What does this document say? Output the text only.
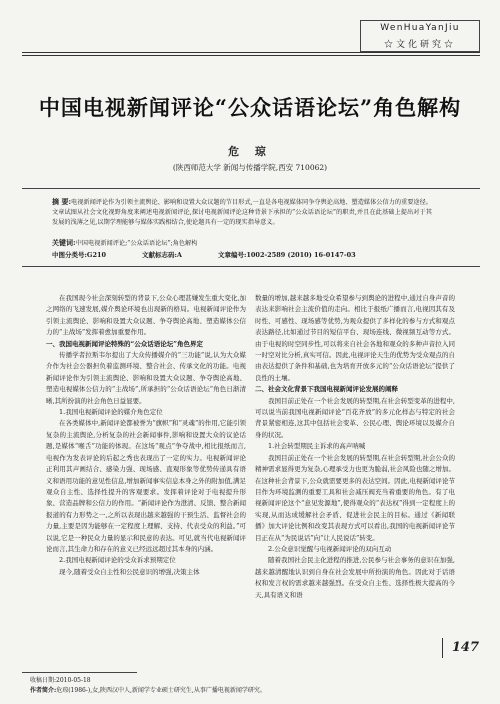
WenHuaYanJiu
☆文化研究☆
中国电视新闻评论“公众话语论坛”角色解构
危 琼
(陕西师范大学 新闻与传播学院,西安 710062)
摘 要:电视新闻评论作为引领主流舆论、影响和设置大众议题的节目形式,一直是各电视媒体同争夺舆论高地、塑造媒体公信力的重要途径。文章试图从社会文化视野角度来阐述电视新闻评论,探讨电视新闻评论这种背景下承担的“公众话语论坛”的职责,并且在此基础上提出对于其发展的浅薄之见,以期学理能够与媒体实践相结合,使论题具有一定的现实指导意义。
关键词:中国电视新闻评论;“公众话语论坛”;角色解构
中图分类号:G210	文献标志码:A	文章编号:1002-2589 (2010) 16-0147-03

在我国现今社会深刻转型的背景下,公众心理甚嫌发生重大变化,加之网络的飞速发展,媒介舆论环境也出现新的格局。电视新闻评论作为引领主流舆论、影响和设置大众议题、争夺舆论高地、塑造媒体公信力的“主战场”发挥着愈加重要作用。

一、我国电视新闻评论特殊的“公众话语论坛”角色界定

传播学者拉斯韦尔提出了大众传播媒介的“三功能”说,认为大众媒介作为社会公器担负着监测环境、整合社会、传承文化的功能。电视新闻评论作为引领主流舆论、影响和设置大众议题、争夺舆论高地、塑造电视媒体公信力的“主战场”,所承担的“公众话语论坛”角色日渐清晰,其所扮演的社会角色日益显要。

1.我国电视新闻评论的媒介角色定位

在各类媒体中,新闻评论都被誉为“旗帜”和“灵魂”的作用,它能引领复杂的主流舆论,分析复杂的社会新闻事件,影响和设置大众的议论话题,是媒体“喉舌”功能的体现。在这场“观点”争夺战中,相比报纸而言,电视作为发表评论的后起之秀也表现出了一定的实力。电视新闻评论正利用其声画结合、感染力强、现场感、直观形象等优势传递具有语义和语用功能的意见性信息,增加新闻事实信息本身之外的附加值,满足观众自主性、选择性提升的客观要求。发挥着评论对于电视提升形象、营造品牌和公信力的作用。“新闻评论作为澄清、反馈、整合新闻报道的有力形势之一,之所以表现出越来越强的干预生活、监督社会的力量,主要是因为能够在一定程度上理解、支持、代表受众的利益。”可以说,它是一种民众力量的显示和民意的表达。可见,就当代电视新闻评论而言,其生命力和存在的意义已经远远超过其本身的内涵。

2.我国电视新闻评论的受众诉求预期定位

现今,随着受众自主性和公民意识的增强,决策主体

数量的增加,越来越多地受众希望参与到舆论的进程中,通过自身声音的表达来影响社会主流价值的走向。相比于报纸广播而言,电视因其有及时性、可感性、现场感等优势,为观众提供了多样化的参与方式和观点表达路径,比如通过节目的短信平台、现场连线、微视频互动等方式。由于电视的时空同步性,可以将来自社会各地和观众的多种声音拉入同一时空对比分析,真实可信。因此,电视评论天生的优势为受众观点的自由表达提供了条件和基础,也为培育开放多元的“公众话语论坛”提供了良性的土壤。

二、社会文化背景下我国电视新闻评论发展的阐释

我国目前正处在一个社会发展的转型期,在社会转型变革的进程中,可以说当前我国电视新闻评论“百花齐放”的多元化样态与特定的社会背景紧密相连,这其中包括社会变革、公民心理、舆论环境以及媒介自身的状况。

1.社会转型期民主诉求的高声呐喊

我国目前正处在一个社会发展的转型期,在社会转型期,社会公众的精神需求显得更为复杂,心理承受力也更为脆弱,社会风险也随之增加。在这种社会背景下,公众就需要更多的表达空间。因此,电视新闻评论节目作为环境监测的重要工具和社会减压阀充当着重要的角色。有了电视新闻评论这个“意见发源地”,使得观众的“表达权”得到一定程度上的实现,从而达成缓解社会矛盾、促进社会民主的目标。通过《新闻联播》加大评论比例和改变其表现方式可以看出,我国的电视新闻评论节目正在从“为民说话”向“让人民说话”转变。

2.公众意识觉醒与电视新闻评论的双向互动

随着我国社会民主化进程的推进,公民参与社会事务的意识在加强,越来越清醒地认识到自身在社会发展中所扮演的角色。因此对于话语权和发言权的需求越来越强烈。在受众自主性、选择性极大提高的今天,具有语义和语

147
收稿日期:2010-05-18
作者简介:危琼(1986-),女,陕西汉中人,新闻学专业硕士研究生,从事广播电视新闻学研究。
